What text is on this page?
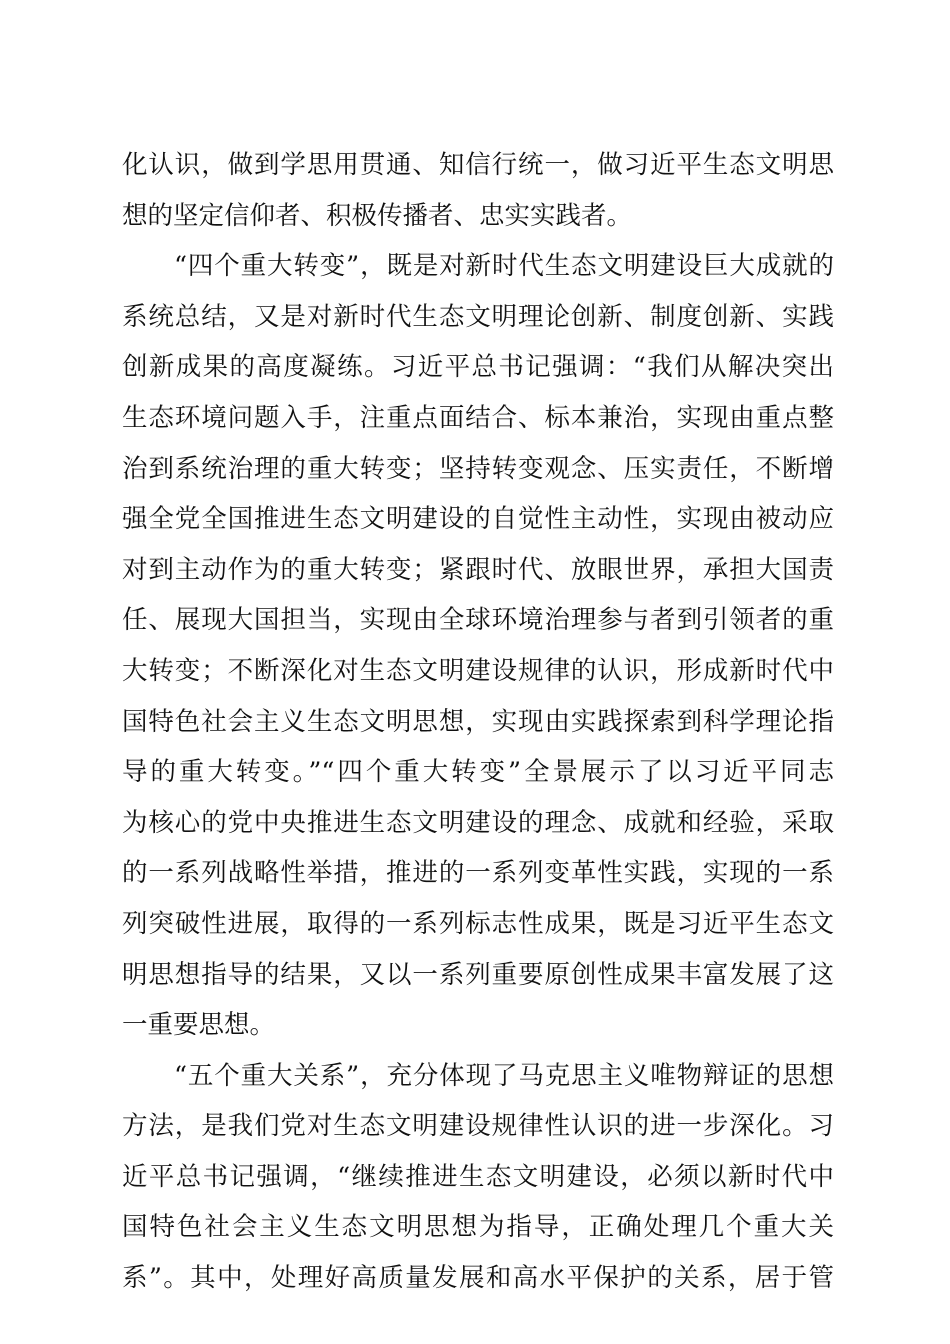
化认识，做到学思用贯通、知信行统一，做习近平生态文明思
想的坚定信仰者、积极传播者、忠实实践者。
“四个重大转变”，既是对新时代生态文明建设巨大成就的
系统总结，又是对新时代生态文明理论创新、制度创新、实践
创新成果的高度凝练。习近平总书记强调：“我们从解决突出
生态环境问题入手，注重点面结合、标本兼治，实现由重点整
治到系统治理的重大转变；坚持转变观念、压实责任，不断增
强全党全国推进生态文明建设的自觉性主动性，实现由被动应
对到主动作为的重大转变；紧跟时代、放眼世界，承担大国责
任、展现大国担当，实现由全球环境治理参与者到引领者的重
大转变；不断深化对生态文明建设规律的认识，形成新时代中
国特色社会主义生态文明思想，实现由实践探索到科学理论指
导的重大转变。”“四个重大转变”全景展示了以习近平同志
为核心的党中央推进生态文明建设的理念、成就和经验，采取
的一系列战略性举措，推进的一系列变革性实践，实现的一系
列突破性进展，取得的一系列标志性成果，既是习近平生态文
明思想指导的结果，又以一系列重要原创性成果丰富发展了这
一重要思想。
“五个重大关系”，充分体现了马克思主义唯物辩证的思想
方法，是我们党对生态文明建设规律性认识的进一步深化。习
近平总书记强调，“继续推进生态文明建设，必须以新时代中
国特色社会主义生态文明思想为指导，正确处理几个重大关
系”。其中，处理好高质量发展和高水平保护的关系，居于管
